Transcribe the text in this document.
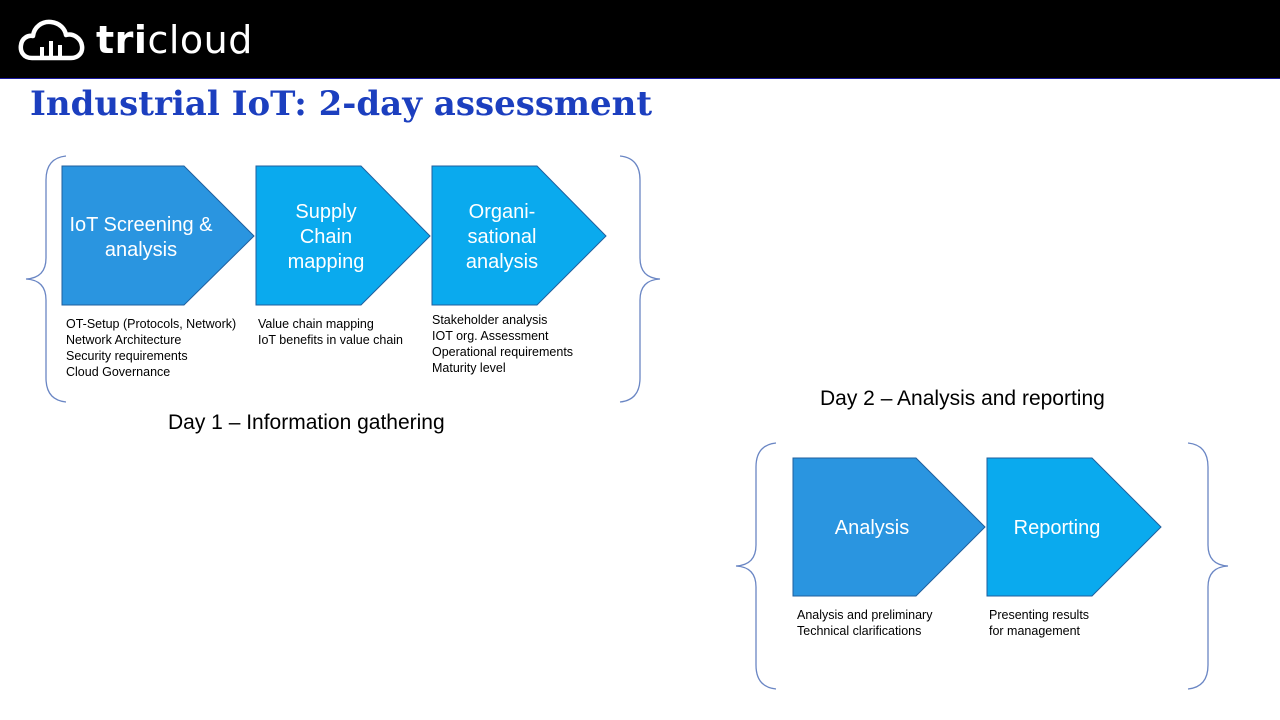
tricloud
Industrial IoT: 2-day assessment
IoT Screening &
analysis
Supply
Chain
mapping
Organi-
sational
analysis
Analysis	Reporting
OT-Setup (Protocols, Network)
Network Architecture
Security requirements
Cloud Governance
Value chain mapping
IoT benefits in value chain
Stakeholder analysis
IOT org. Assessment
Operational requirements
Maturity level
Day 1 – Information gathering
Day 2 – Analysis and reporting
Analysis and preliminary
Technical clarifications
Presenting results
for management
